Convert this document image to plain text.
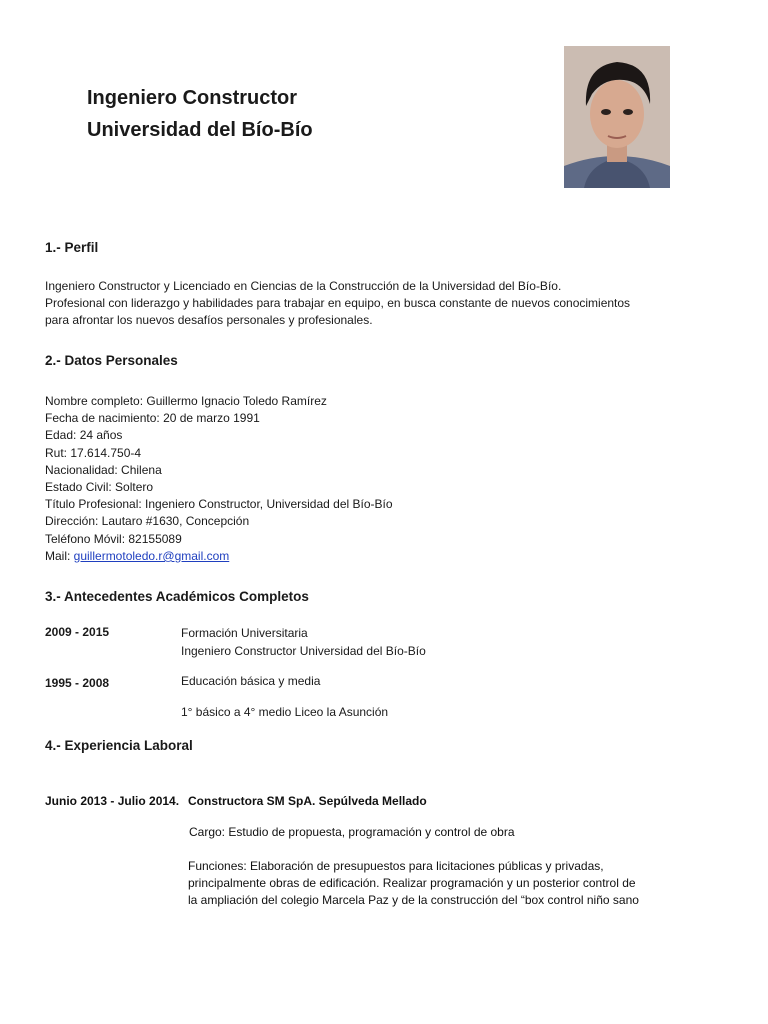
Ingeniero Constructor
Universidad del Bío-Bío
1.- Perfil
Ingeniero Constructor y Licenciado en Ciencias de la Construcción de la Universidad del Bío-Bío.
Profesional con liderazgo y habilidades para trabajar en equipo, en busca constante de nuevos conocimientos
para afrontar los nuevos desafíos personales y profesionales.
2.- Datos Personales
Nombre completo: Guillermo Ignacio Toledo Ramírez
Fecha de nacimiento: 20 de marzo 1991
Edad: 24 años
Rut: 17.614.750-4
Nacionalidad: Chilena
Estado Civil: Soltero
Título Profesional: Ingeniero Constructor, Universidad del Bío-Bío
Dirección: Lautaro #1630, Concepción
Teléfono Móvil: 82155089
Mail: guillermotoledo.r@gmail.com
3.- Antecedentes Académicos Completos
2009 - 2015	Formación Universitaria
Ingeniero Constructor Universidad del Bío-Bío
1995 - 2008	Educación básica y media
1° básico a 4° medio Liceo la Asunción
4.- Experiencia Laboral
Junio 2013 - Julio 2014. Constructora SM SpA. Sepúlveda Mellado
Cargo: Estudio de propuesta, programación y control de obra
Funciones: Elaboración de presupuestos para licitaciones públicas y privadas,
principalmente obras de edificación. Realizar programación y un posterior control de
la ampliación del colegio Marcela Paz y de la construcción del “box control niño sano
